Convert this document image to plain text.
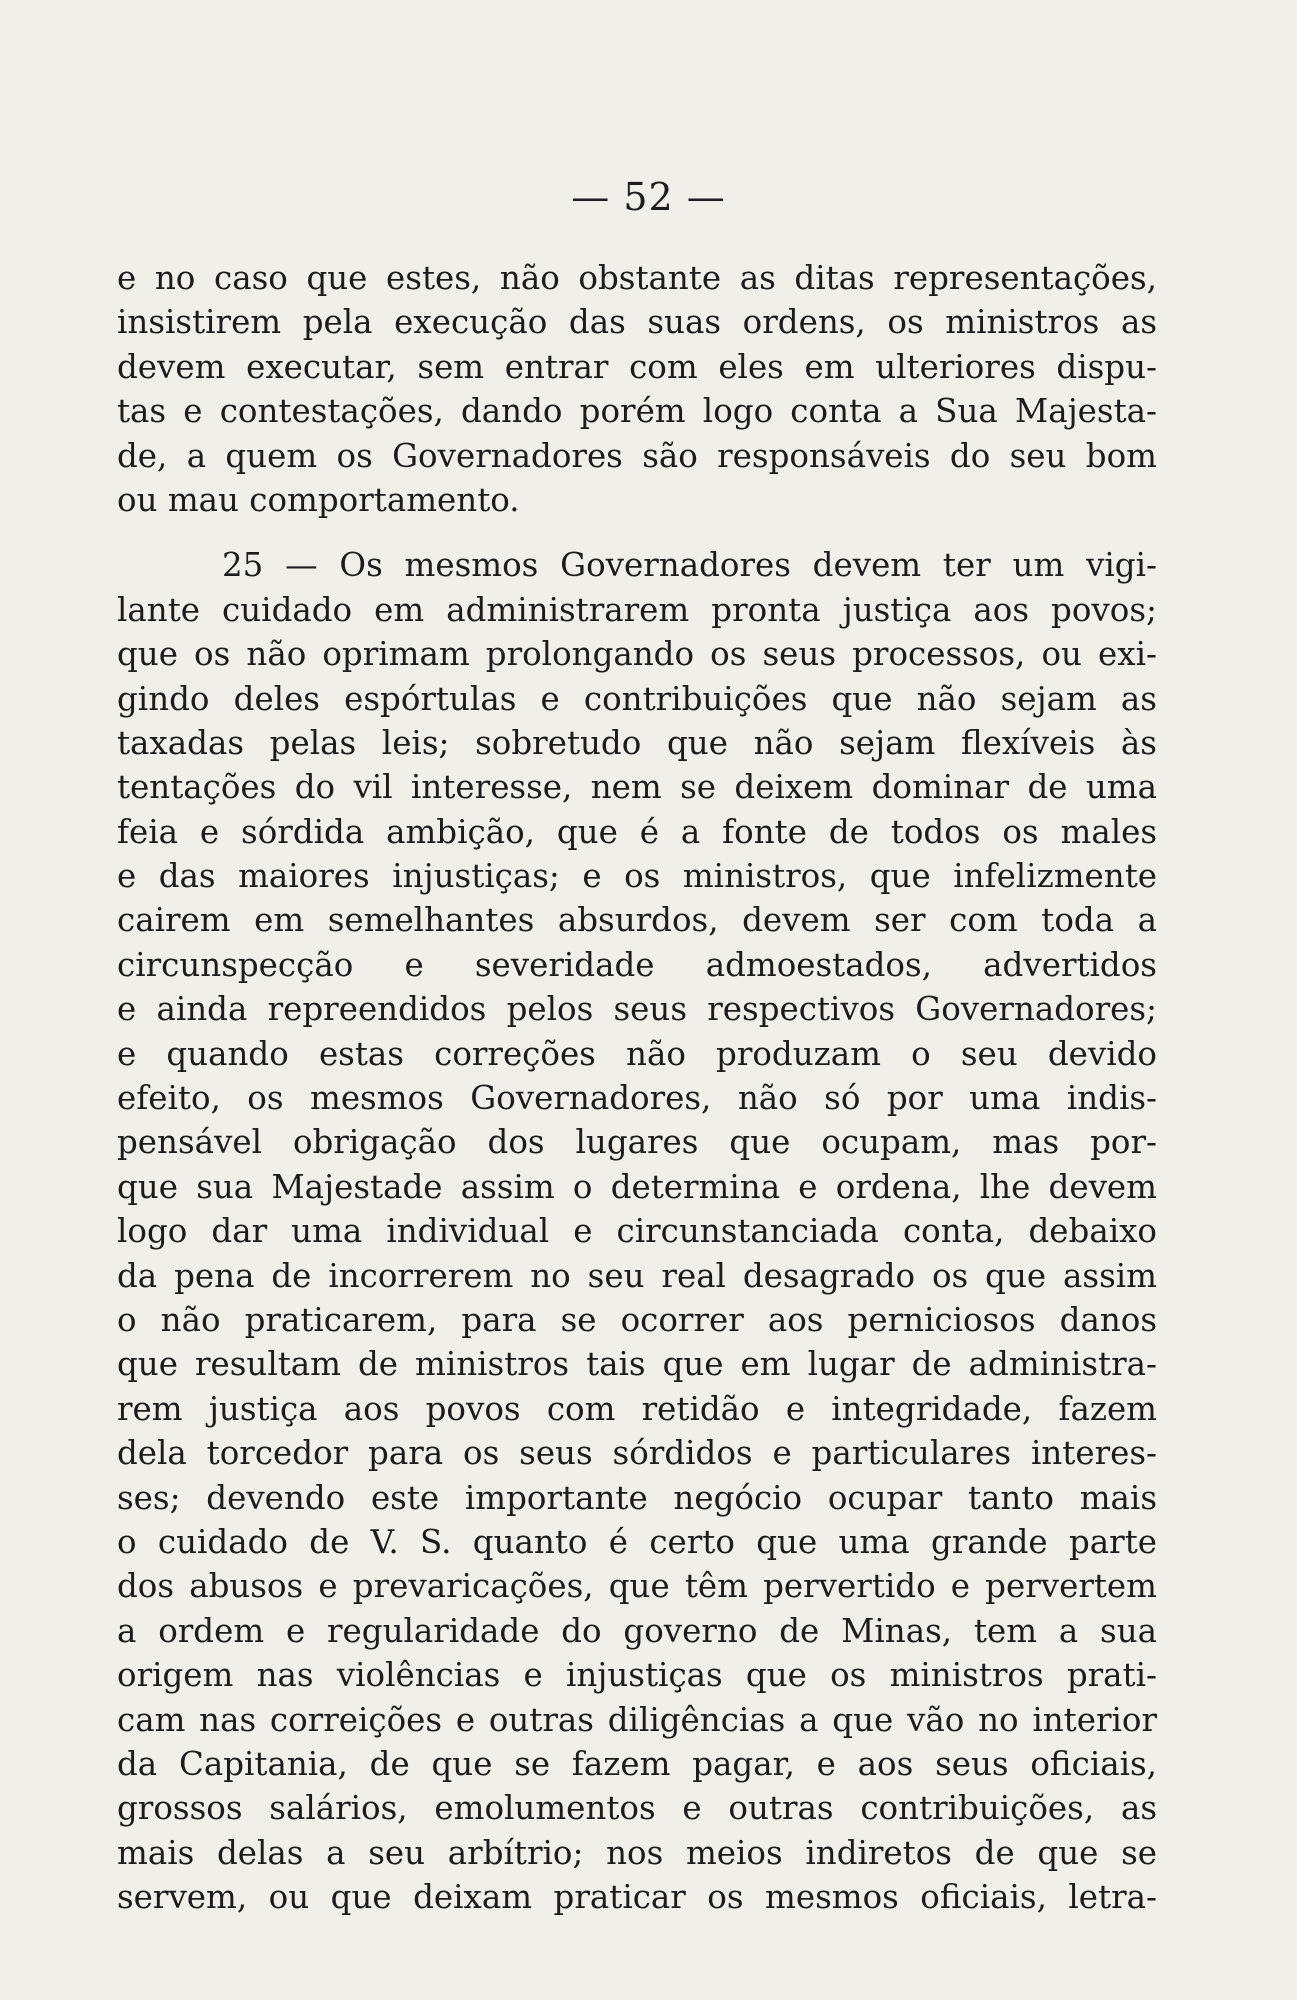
— 52 —
e no caso que estes, não obstante as ditas representações,
insistirem pela execução das suas ordens, os ministros as
devem executar, sem entrar com eles em ulteriores dispu-
tas e contestações, dando porém logo conta a Sua Majesta-
de, a quem os Governadores são responsáveis do seu bom
ou mau comportamento.
25 — Os mesmos Governadores devem ter um vigi-
lante cuidado em administrarem pronta justiça aos povos;
que os não oprimam prolongando os seus processos, ou exi-
gindo deles espórtulas e contribuições que não sejam as
taxadas pelas leis; sobretudo que não sejam flexíveis às
tentações do vil interesse, nem se deixem dominar de uma
feia e sórdida ambição, que é a fonte de todos os males
e das maiores injustiças; e os ministros, que infelizmente
cairem em semelhantes absurdos, devem ser com toda a
circunspecção e severidade admoestados, advertidos
e ainda repreendidos pelos seus respectivos Governadores;
e quando estas correções não produzam o seu devido
efeito, os mesmos Governadores, não só por uma indis-
pensável obrigação dos lugares que ocupam, mas por-
que sua Majestade assim o determina e ordena, lhe devem
logo dar uma individual e circunstanciada conta, debaixo
da pena de incorrerem no seu real desagrado os que assim
o não praticarem, para se ocorrer aos perniciosos danos
que resultam de ministros tais que em lugar de administra-
rem justiça aos povos com retidão e integridade, fazem
dela torcedor para os seus sórdidos e particulares interes-
ses; devendo este importante negócio ocupar tanto mais
o cuidado de V. S. quanto é certo que uma grande parte
dos abusos e prevaricações, que têm pervertido e pervertem
a ordem e regularidade do governo de Minas, tem a sua
origem nas violências e injustiças que os ministros prati-
cam nas correições e outras diligências a que vão no interior
da Capitania, de que se fazem pagar, e aos seus oficiais,
grossos salários, emolumentos e outras contribuições, as
mais delas a seu arbítrio; nos meios indiretos de que se
servem, ou que deixam praticar os mesmos oficiais, letra-
